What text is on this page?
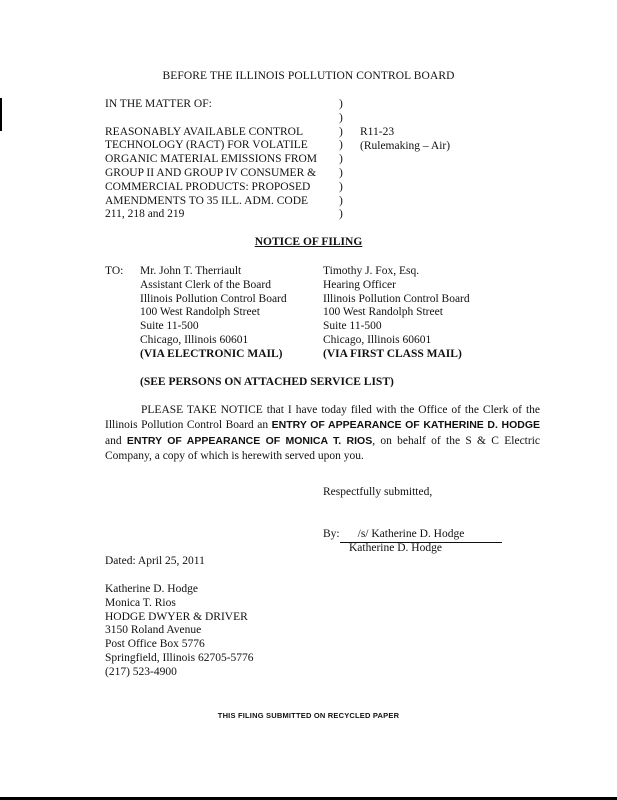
BEFORE THE ILLINOIS POLLUTION CONTROL BOARD
IN THE MATTER OF:
REASONABLY AVAILABLE CONTROL
TECHNOLOGY (RACT) FOR VOLATILE
ORGANIC MATERIAL EMISSIONS FROM
GROUP II AND GROUP IV CONSUMER &
COMMERCIAL PRODUCTS: PROPOSED
AMENDMENTS TO 35 ILL. ADM. CODE
211, 218 and 219
)
)
)
)
)
)
)
)
)
R11-23
(Rulemaking – Air)
NOTICE OF FILING
TO: Mr. John T. Therriault
Assistant Clerk of the Board
Illinois Pollution Control Board
100 West Randolph Street
Suite 11-500
Chicago, Illinois 60601
(VIA ELECTRONIC MAIL)
Timothy J. Fox, Esq.
Hearing Officer
Illinois Pollution Control Board
100 West Randolph Street
Suite 11-500
Chicago, Illinois 60601
(VIA FIRST CLASS MAIL)
(SEE PERSONS ON ATTACHED SERVICE LIST)
PLEASE TAKE NOTICE that I have today filed with the Office of the Clerk of the Illinois Pollution Control Board an ENTRY OF APPEARANCE OF KATHERINE D. HODGE and ENTRY OF APPEARANCE OF MONICA T. RIOS, on behalf of the S & C Electric Company, a copy of which is herewith served upon you.
Respectfully submitted,
By: /s/ Katherine D. Hodge
Katherine D. Hodge
Dated: April 25, 2011
Katherine D. Hodge
Monica T. Rios
HODGE DWYER & DRIVER
3150 Roland Avenue
Post Office Box 5776
Springfield, Illinois 62705-5776
(217) 523-4900
THIS FILING SUBMITTED ON RECYCLED PAPER
